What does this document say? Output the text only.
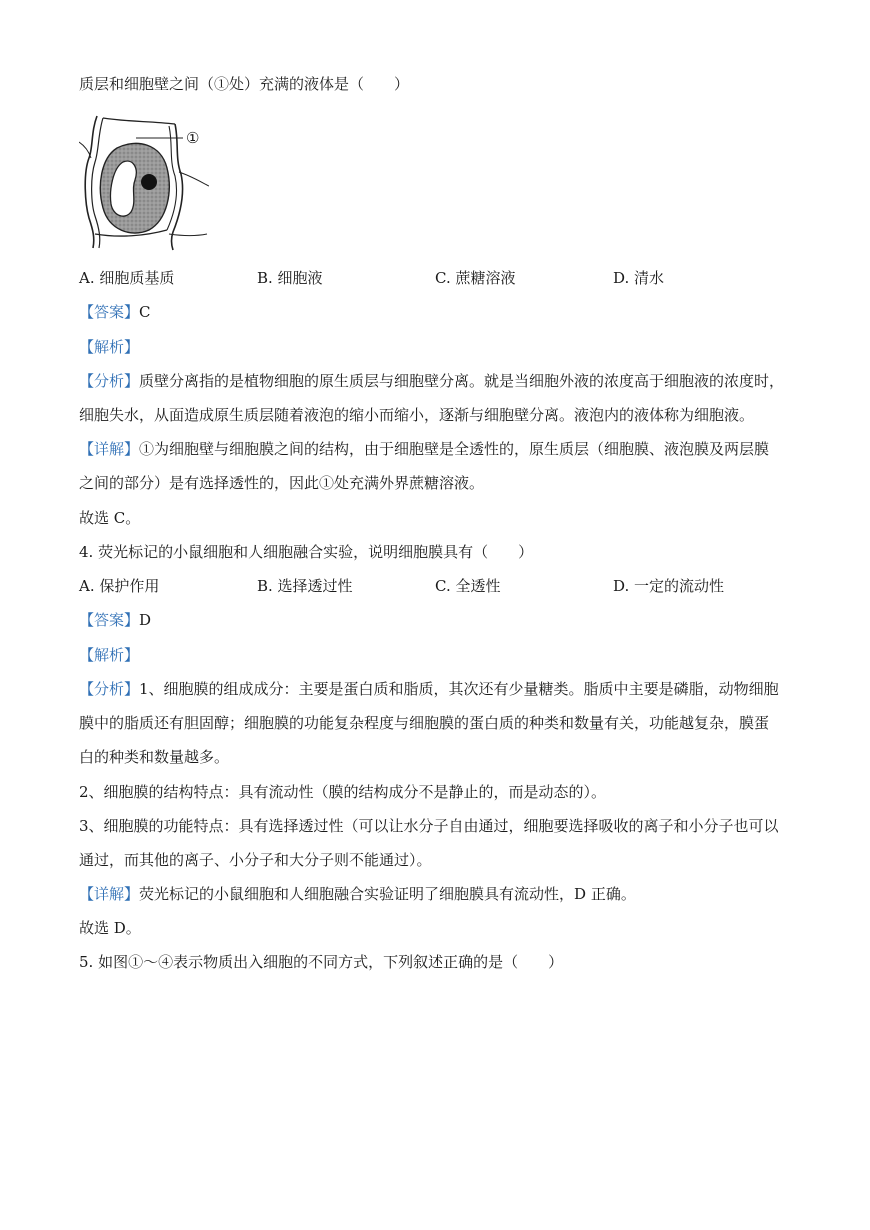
质层和细胞壁之间（①处）充满的液体是（　　）
①
A. 细胞质基质	B. 细胞液	C. 蔗糖溶液	D. 清水
【答案】C
【解析】
【分析】质壁分离指的是植物细胞的原生质层与细胞壁分离。就是当细胞外液的浓度高于细胞液的浓度时，
细胞失水，从面造成原生质层随着液泡的缩小而缩小，逐渐与细胞壁分离。液泡内的液体称为细胞液。
【详解】①为细胞壁与细胞膜之间的结构，由于细胞壁是全透性的，原生质层（细胞膜、液泡膜及两层膜
之间的部分）是有选择透性的，因此①处充满外界蔗糖溶液。
故选 C。
4. 荧光标记的小鼠细胞和人细胞融合实验，说明细胞膜具有（　　）
A. 保护作用	B. 选择透过性	C. 全透性	D. 一定的流动性
【答案】D
【解析】
【分析】1、细胞膜的组成成分：主要是蛋白质和脂质，其次还有少量糖类。脂质中主要是磷脂，动物细胞
膜中的脂质还有胆固醇；细胞膜的功能复杂程度与细胞膜的蛋白质的种类和数量有关，功能越复杂，膜蛋
白的种类和数量越多。
2、细胞膜的结构特点：具有流动性（膜的结构成分不是静止的，而是动态的）。
3、细胞膜的功能特点：具有选择透过性（可以让水分子自由通过，细胞要选择吸收的离子和小分子也可以
通过，而其他的离子、小分子和大分子则不能通过）。
【详解】荧光标记的小鼠细胞和人细胞融合实验证明了细胞膜具有流动性，D 正确。
故选 D。
5. 如图①～④表示物质出入细胞的不同方式，下列叙述正确的是（　　）
